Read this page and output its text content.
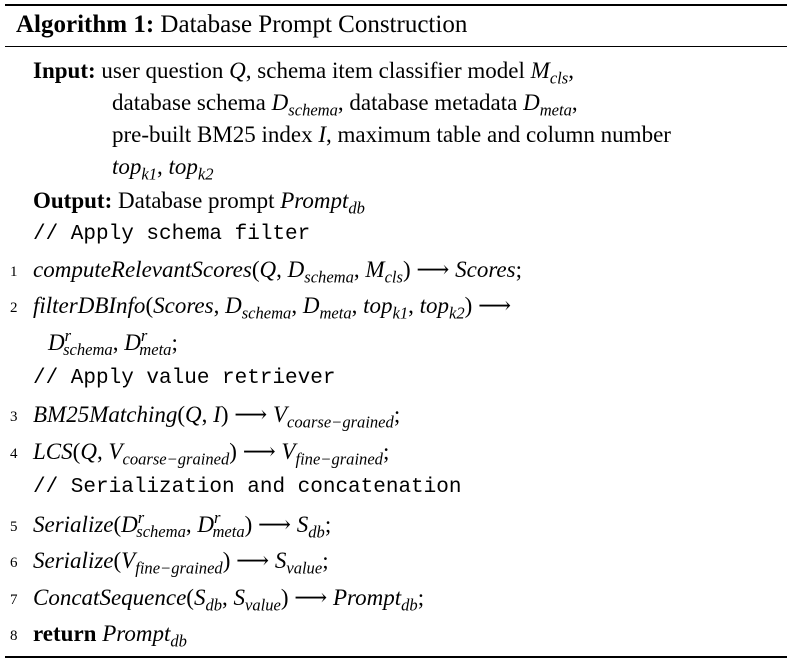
Algorithm 1: Database Prompt Construction
Input: user question Q, schema item classifier model $M_{cls}$,
database schema $D_{schema}$, database metadata $D_{meta}$,
pre-built BM25 index I, maximum table and column number
top$_{k1}$, top$_{k2}$
Output: Database prompt Prompt$_{db}$
// Apply schema filter
1 computeRelevantScores(Q, $D_{schema}$, $M_{cls}$) ⟶ Scores;
2 filterDBInfo(Scores, $D_{schema}$, $D_{meta}$, top$_{k1}$, top$_{k2}$) ⟶
$D^r_{schema}$, $D^r_{meta}$;
// Apply value retriever
3 BM25Matching(Q, I) ⟶ $V_{coarse-grained}$;
4 LCS(Q, $V_{coarse-grained}$) ⟶ $V_{fine-grained}$;
// Serialization and concatenation
5 $Serialize(D^r_{schema}$, $D^r_{meta}$) ⟶ $S_{db}$;
6 $Serialize(V_{fine-grained})$ ⟶ $S_{value}$;
7 $ConcatSequence(S_{db}$, $S_{value}$) ⟶ Prompt$_{db}$;
8 return Prompt$_{db}$
